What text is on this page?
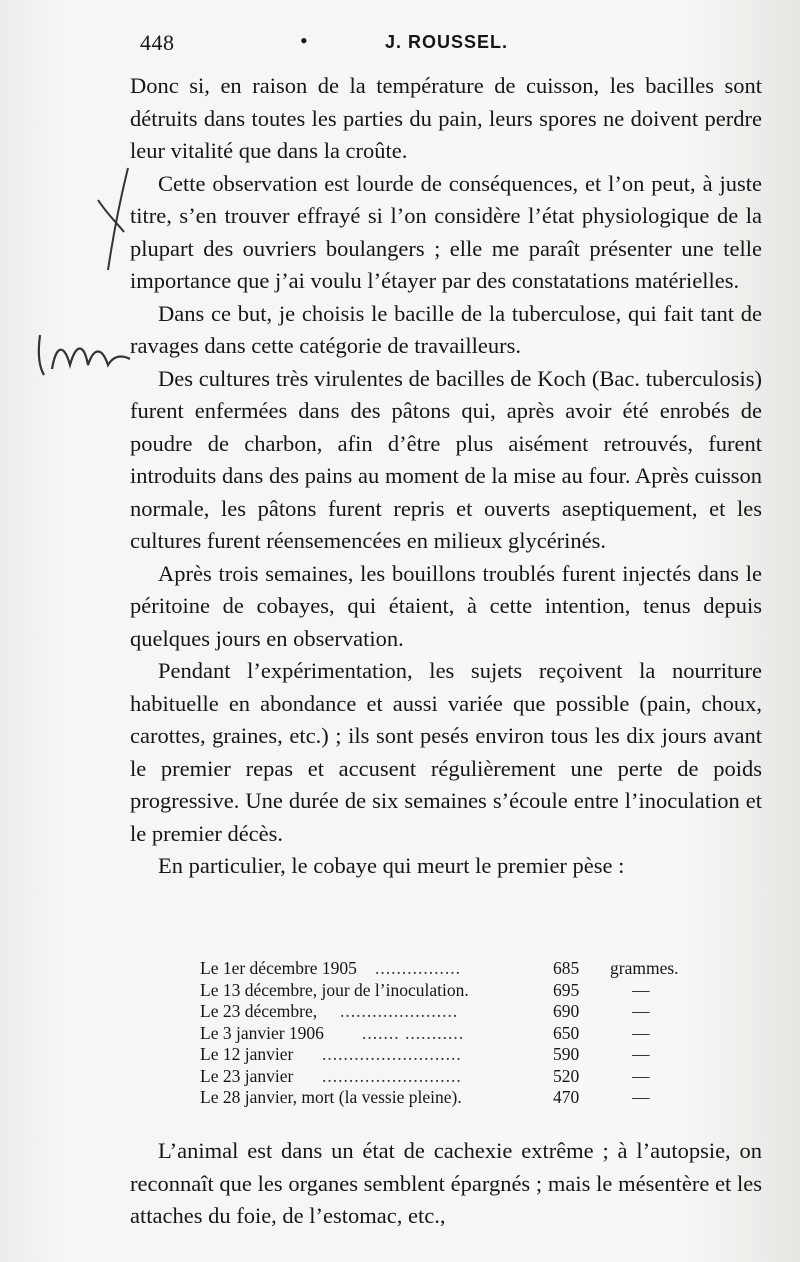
448	•	J. ROUSSEL.

Donc si, en raison de la température de cuisson, les bacilles sont détruits dans toutes les parties du pain, leurs spores ne doivent perdre leur vitalité que dans la croûte.

Cette observation est lourde de conséquences, et l’on peut, à juste titre, s’en trouver effrayé si l’on considère l’état physiologique de la plupart des ouvriers boulangers ; elle me paraît présenter une telle importance que j’ai voulu l’étayer par des constatations matérielles.

Dans ce but, je choisis le bacille de la tuberculose, qui fait tant de ravages dans cette catégorie de travailleurs.

Des cultures très virulentes de bacilles de Koch (Bac. tuberculosis) furent enfermées dans des pâtons qui, après avoir été enrobés de poudre de charbon, afin d’être plus aisément retrouvés, furent introduits dans des pains au moment de la mise au four. Après cuisson normale, les pâtons furent repris et ouverts aseptiquement, et les cultures furent réensemencées en milieux glycérinés.

Après trois semaines, les bouillons troublés furent injectés dans le péritoine de cobayes, qui étaient, à cette intention, tenus depuis quelques jours en observation.

Pendant l’expérimentation, les sujets reçoivent la nourriture habituelle en abondance et aussi variée que possible (pain, choux, carottes, graines, etc.) ; ils sont pesés environ tous les dix jours avant le premier repas et accusent régulièrement une perte de poids progressive. Une durée de six semaines s’écoule entre l’inoculation et le premier décès.

En particulier, le cobaye qui meurt le premier pèse :

Le 1er décembre 1905 ................	685 grammes.
Le 13 décembre, jour de l’inoculation.	695	—
Le 23 décembre, ......................	690	—
Le 3 janvier 1906 ....... ...........	650	—
Le 12 janvier ..........................	590	—
Le 23 janvier ..........................	520	—
Le 28 janvier, mort (la vessie pleine).	470	—

L’animal est dans un état de cachexie extrême ; à l’autopsie, on reconnaît que les organes semblent épargnés ; mais le mésentère et les attaches du foie, de l’estomac, etc.,
